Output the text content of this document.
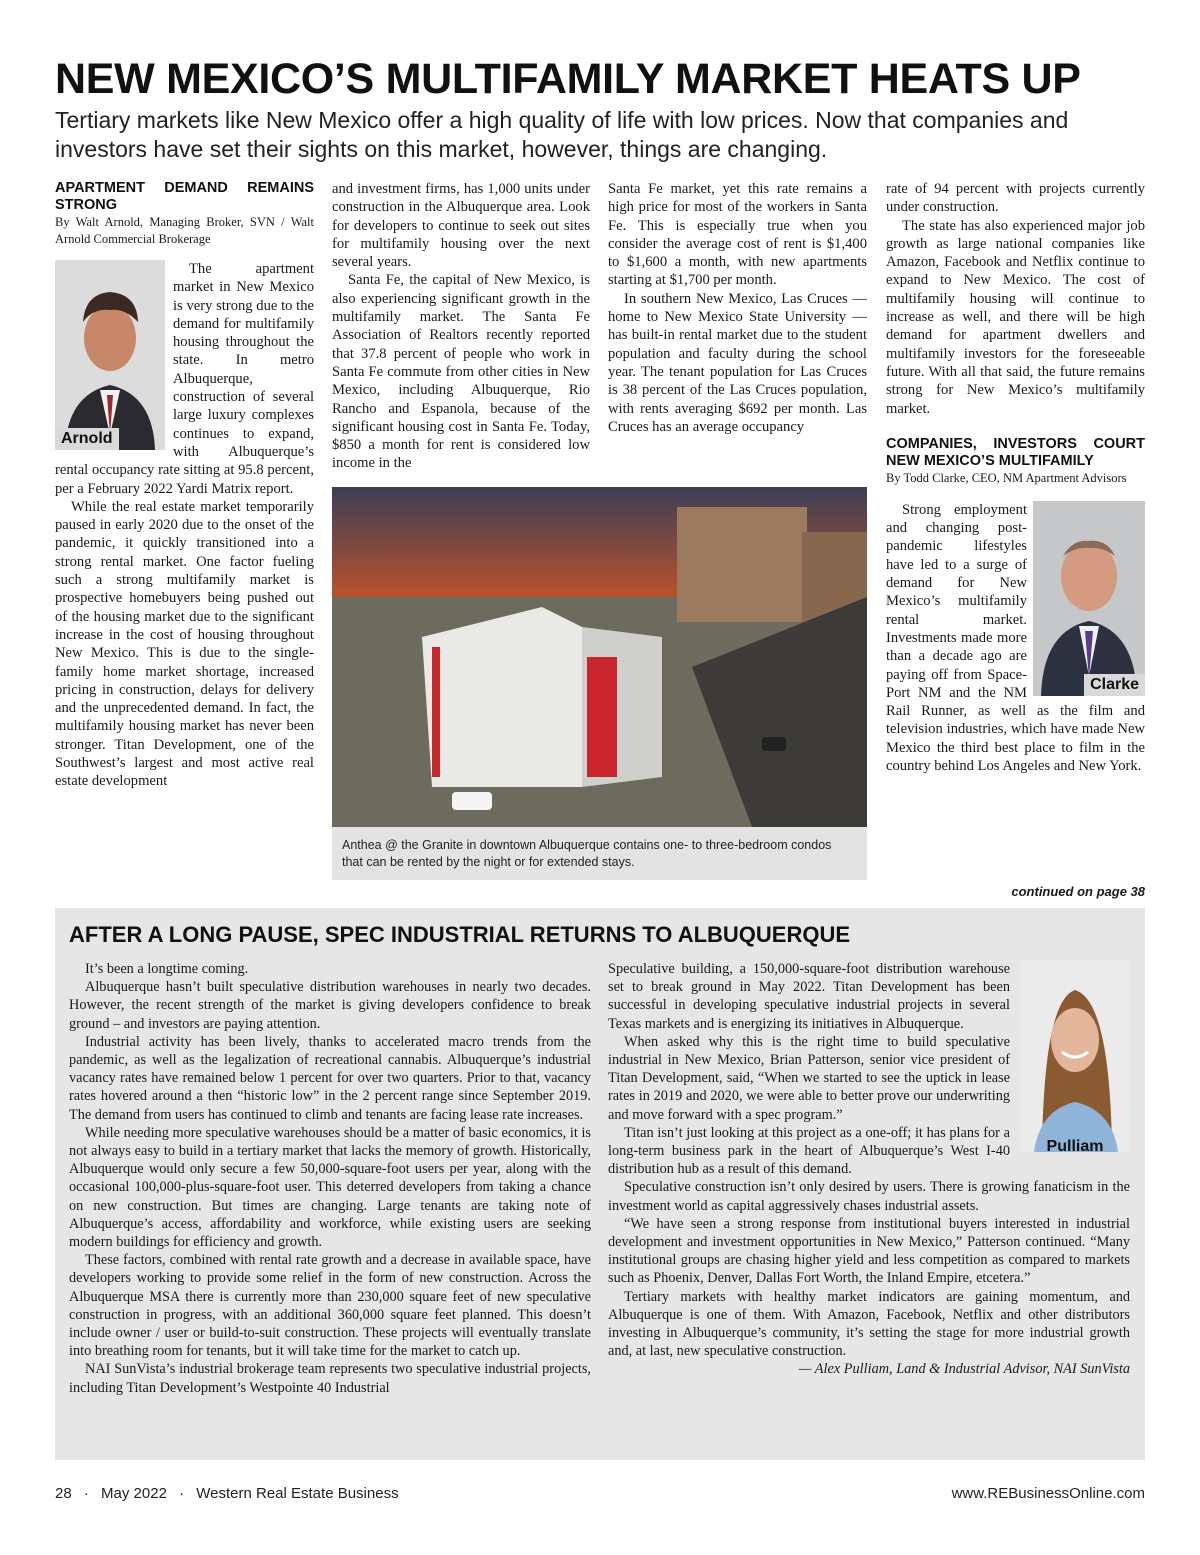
NEW MEXICO’S MULTIFAMILY MARKET HEATS UP

Tertiary markets like New Mexico offer a high quality of life with low prices. Now that companies and investors have set their sights on this market, however, things are changing.

APARTMENT DEMAND REMAINS STRONG

By Walt Arnold, Managing Broker, SVN / Walt Arnold Commercial Brokerage

Arnold

The apartment market in New Mexico is very strong due to the demand for multifamily housing throughout the state. In metro Albuquerque, construction of several large luxury complexes continues to expand, with Albuquerque’s rental occupancy rate sitting at 95.8 percent, per a February 2022 Yardi Matrix report.

While the real estate market temporarily paused in early 2020 due to the onset of the pandemic, it quickly transitioned into a strong rental market. One factor fueling such a strong multifamily market is prospective homebuyers being pushed out of the housing market due to the significant increase in the cost of housing throughout New Mexico. This is due to the single-family home market shortage, increased pricing in construction, delays for delivery and the unprecedented demand. In fact, the multifamily housing market has never been stronger. Titan Development, one of the Southwest’s largest and most active real estate development

and investment firms, has 1,000 units under construction in the Albuquerque area. Look for developers to continue to seek out sites for multifamily housing over the next several years.

Santa Fe, the capital of New Mexico, is also experiencing significant growth in the multifamily market. The Santa Fe Association of Realtors recently reported that 37.8 percent of people who work in Santa Fe commute from other cities in New Mexico, including Albuquerque, Rio Rancho and Espanola, because of the significant housing cost in Santa Fe. Today, $850 a month for rent is considered low income in the

Santa Fe market, yet this rate remains a high price for most of the workers in Santa Fe. This is especially true when you consider the average cost of rent is $1,400 to $1,600 a month, with new apartments starting at $1,700 per month.

In southern New Mexico, Las Cruces — home to New Mexico State University — has built-in rental market due to the student population and faculty during the school year. The tenant population for Las Cruces is 38 percent of the Las Cruces population, with rents averaging $692 per month. Las Cruces has an average occupancy

Anthea @ the Granite in downtown Albuquerque contains one- to three-bedroom condos that can be rented by the night or for extended stays.

rate of 94 percent with projects currently under construction.

The state has also experienced major job growth as large national companies like Amazon, Facebook and Netflix continue to expand to New Mexico. The cost of multifamily housing will continue to increase as well, and there will be high demand for apartment dwellers and multifamily investors for the foreseeable future. With all that said, the future remains strong for New Mexico’s multifamily market.

COMPANIES, INVESTORS COURT NEW MEXICO’S MULTIFAMILY

By Todd Clarke, CEO, NM Apartment Advisors

Clarke

Strong employment and changing post-pandemic lifestyles have led to a surge of demand for New Mexico’s multifamily rental market. Investments made more than a decade ago are paying off from Space-Port NM and the NM Rail Runner, as well as the film and television industries, which have made New Mexico the third best place to film in the country behind Los Angeles and New York.

continued on page 38
AFTER A LONG PAUSE, SPEC INDUSTRIAL RETURNS TO ALBUQUERQUE

It’s been a longtime coming.

Albuquerque hasn’t built speculative distribution warehouses in nearly two decades. However, the recent strength of the market is giving developers confidence to break ground – and investors are paying attention.

Industrial activity has been lively, thanks to accelerated macro trends from the pandemic, as well as the legalization of recreational cannabis. Albuquerque’s industrial vacancy rates have remained below 1 percent for over two quarters. Prior to that, vacancy rates hovered around a then “historic low” in the 2 percent range since September 2019. The demand from users has continued to climb and tenants are facing lease rate increases.

While needing more speculative warehouses should be a matter of basic economics, it is not always easy to build in a tertiary market that lacks the memory of growth. Historically, Albuquerque would only secure a few 50,000-square-foot users per year, along with the occasional 100,000-plus-square-foot user. This deterred developers from taking a chance on new construction. But times are changing. Large tenants are taking note of Albuquerque’s access, affordability and workforce, while existing users are seeking modern buildings for efficiency and growth.

These factors, combined with rental rate growth and a decrease in available space, have developers working to provide some relief in the form of new construction. Across the Albuquerque MSA there is currently more than 230,000 square feet of new speculative construction in progress, with an additional 360,000 square feet planned. This doesn’t include owner / user or build-to-suit construction. These projects will eventually translate into breathing room for tenants, but it will take time for the market to catch up.

NAI SunVista’s industrial brokerage team represents two speculative industrial projects, including Titan Development’s Westpointe 40 Industrial

Pulliam

Speculative building, a 150,000-square-foot distribution warehouse set to break ground in May 2022. Titan Development has been successful in developing speculative industrial projects in several Texas markets and is energizing its initiatives in Albuquerque.

When asked why this is the right time to build speculative industrial in New Mexico, Brian Patterson, senior vice president of Titan Development, said, “When we started to see the uptick in lease rates in 2019 and 2020, we were able to better prove our underwriting and move forward with a spec program.”

Titan isn’t just looking at this project as a one-off; it has plans for a long-term business park in the heart of Albuquerque’s West I-40 distribution hub as a result of this demand.

Speculative construction isn’t only desired by users. There is growing fanaticism in the investment world as capital aggressively chases industrial assets.

“We have seen a strong response from institutional buyers interested in industrial development and investment opportunities in New Mexico,” Patterson continued. “Many institutional groups are chasing higher yield and less competition as compared to markets such as Phoenix, Denver, Dallas Fort Worth, the Inland Empire, etcetera.”

Tertiary markets with healthy market indicators are gaining momentum, and Albuquerque is one of them. With Amazon, Facebook, Netflix and other distributors investing in Albuquerque’s community, it’s setting the stage for more industrial growth and, at last, new speculative construction.

— Alex Pulliam, Land & Industrial Advisor, NAI SunVista

28 · May 2022 · Western Real Estate Business	www.REBusinessOnline.com
